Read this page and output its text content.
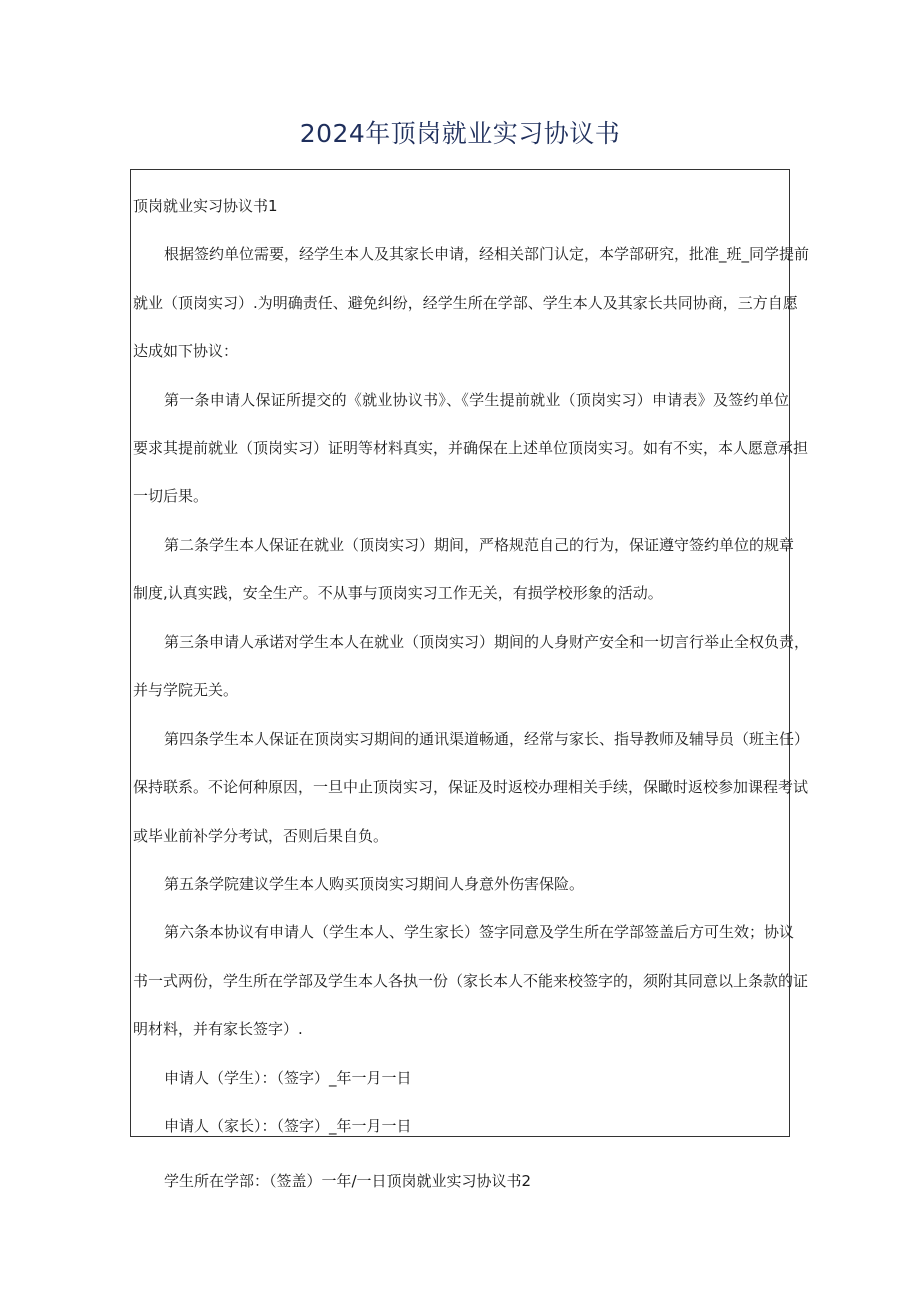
2024年顶岗就业实习协议书
顶岗就业实习协议书1
根据签约单位需要，经学生本人及其家长申请，经相关部门认定，本学部研究，批准_班_同学提前
就业（顶岗实习）.为明确责任、避免纠纷，经学生所在学部、学生本人及其家长共同协商，三方自愿
达成如下协议：
第一条申请人保证所提交的《就业协议书》、《学生提前就业（顶岗实习）申请表》及签约单位
要求其提前就业（顶岗实习）证明等材料真实，并确保在上述单位顶岗实习。如有不实，本人愿意承担
一切后果。
第二条学生本人保证在就业（顶岗实习）期间，严格规范自己的行为，保证遵守签约单位的规章
制度,认真实践，安全生产。不从事与顶岗实习工作无关，有损学校形象的活动。
第三条申请人承诺对学生本人在就业（顶岗实习）期间的人身财产安全和一切言行举止全权负责，
并与学院无关。
第四条学生本人保证在顶岗实习期间的通讯渠道畅通，经常与家长、指导教师及辅导员（班主任）
保持联系。不论何种原因，一旦中止顶岗实习，保证及时返校办理相关手续，保瞰时返校参加课程考试
或毕业前补学分考试，否则后果自负。
第五条学院建议学生本人购买顶岗实习期间人身意外伤害保险。
第六条本协议有申请人（学生本人、学生家长）签字同意及学生所在学部签盖后方可生效；协议
书一式两份，学生所在学部及学生本人各执一份（家长本人不能来校签字的，须附其同意以上条款的证
明材料，并有家长签字）.
申请人（学生）：（签字）_年一月一日
申请人（家长）：（签字）_年一月一日
学生所在学部：（签盖）一年/一日顶岗就业实习协议书2
